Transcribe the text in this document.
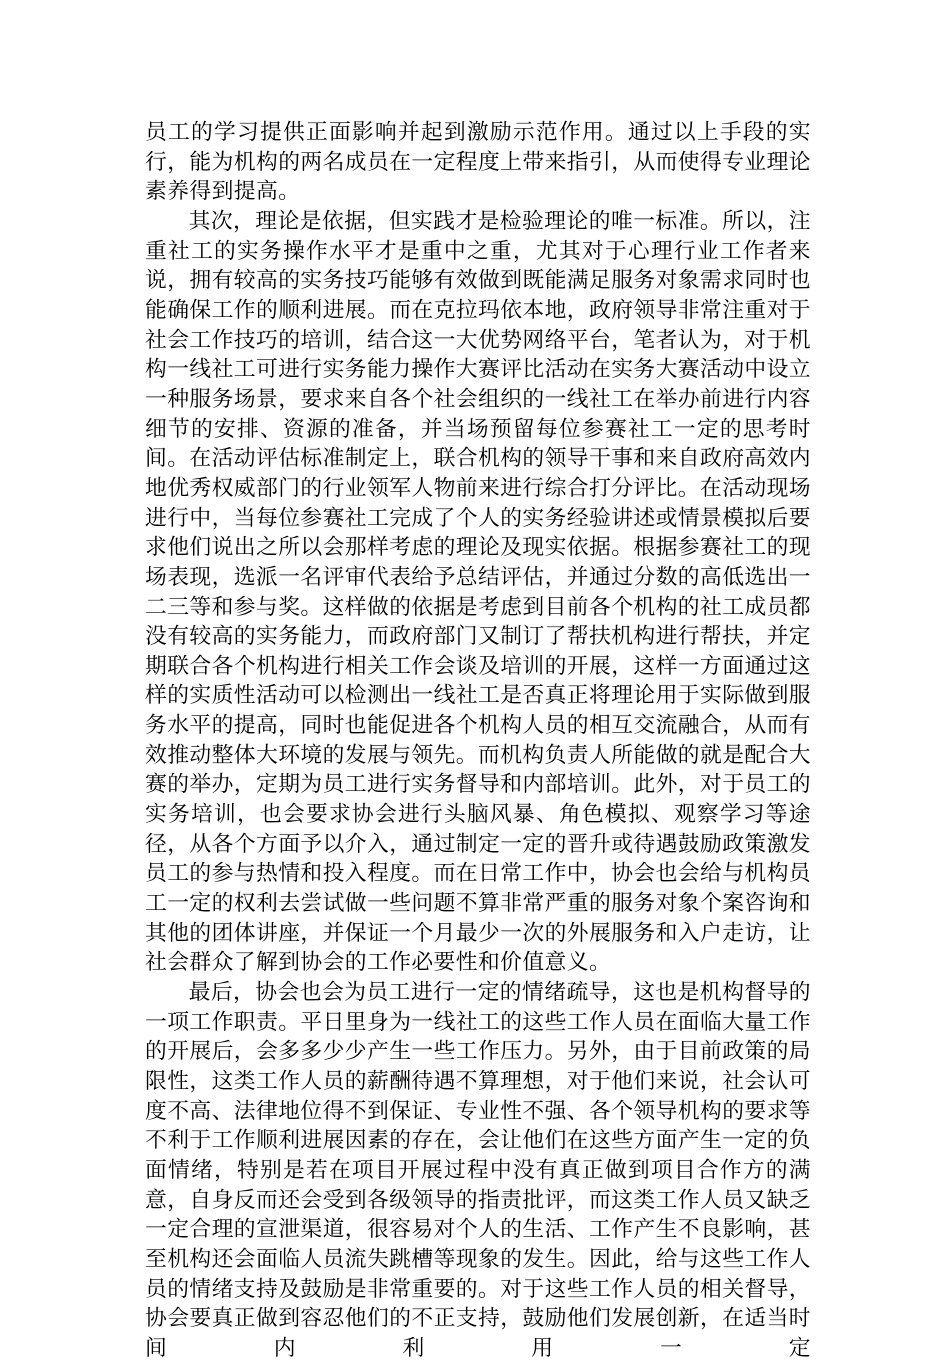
员工的学习提供正面影响并起到激励示范作用。通过以上手段的实行，能为机构的两名成员在一定程度上带来指引，从而使得专业理论素养得到提高。

其次，理论是依据，但实践才是检验理论的唯一标准。所以，注重社工的实务操作水平才是重中之重，尤其对于心理行业工作者来说，拥有较高的实务技巧能够有效做到既能满足服务对象需求同时也能确保工作的顺利进展。而在克拉玛依本地，政府领导非常注重对于社会工作技巧的培训，结合这一大优势网络平台，笔者认为，对于机构一线社工可进行实务能力操作大赛评比活动在实务大赛活动中设立一种服务场景，要求来自各个社会组织的一线社工在举办前进行内容细节的安排、资源的准备，并当场预留每位参赛社工一定的思考时间。在活动评估标准制定上，联合机构的领导干事和来自政府高效内地优秀权威部门的行业领军人物前来进行综合打分评比。在活动现场进行中，当每位参赛社工完成了个人的实务经验讲述或情景模拟后要求他们说出之所以会那样考虑的理论及现实依据。根据参赛社工的现场表现，选派一名评审代表给予总结评估，并通过分数的高低选出一二三等和参与奖。这样做的依据是考虑到目前各个机构的社工成员都没有较高的实务能力，而政府部门又制订了帮扶机构进行帮扶，并定期联合各个机构进行相关工作会谈及培训的开展，这样一方面通过这样的实质性活动可以检测出一线社工是否真正将理论用于实际做到服务水平的提高，同时也能促进各个机构人员的相互交流融合，从而有效推动整体大环境的发展与领先。而机构负责人所能做的就是配合大赛的举办，定期为员工进行实务督导和内部培训。此外，对于员工的实务培训，也会要求协会进行头脑风暴、角色模拟、观察学习等途径，从各个方面予以介入，通过制定一定的晋升或待遇鼓励政策激发员工的参与热情和投入程度。而在日常工作中，协会也会给与机构员工一定的权利去尝试做一些问题不算非常严重的服务对象个案咨询和其他的团体讲座，并保证一个月最少一次的外展服务和入户走访，让社会群众了解到协会的工作必要性和价值意义。

最后，协会也会为员工进行一定的情绪疏导，这也是机构督导的一项工作职责。平日里身为一线社工的这些工作人员在面临大量工作的开展后，会多多少少产生一些工作压力。另外，由于目前政策的局限性，这类工作人员的薪酬待遇不算理想，对于他们来说，社会认可度不高、法律地位得不到保证、专业性不强、各个领导机构的要求等不利于工作顺利进展因素的存在，会让他们在这些方面产生一定的负面情绪，特别是若在项目开展过程中没有真正做到项目合作方的满意，自身反而还会受到各级领导的指责批评，而这类工作人员又缺乏一定合理的宣泄渠道，很容易对个人的生活、工作产生不良影响，甚至机构还会面临人员流失跳槽等现象的发生。因此，给与这些工作人员的情绪支持及鼓励是非常重要的。对于这些工作人员的相关督导，协会要真正做到容忍他们的不正支持，鼓励他们发展创新，在适当时间内利用一定
